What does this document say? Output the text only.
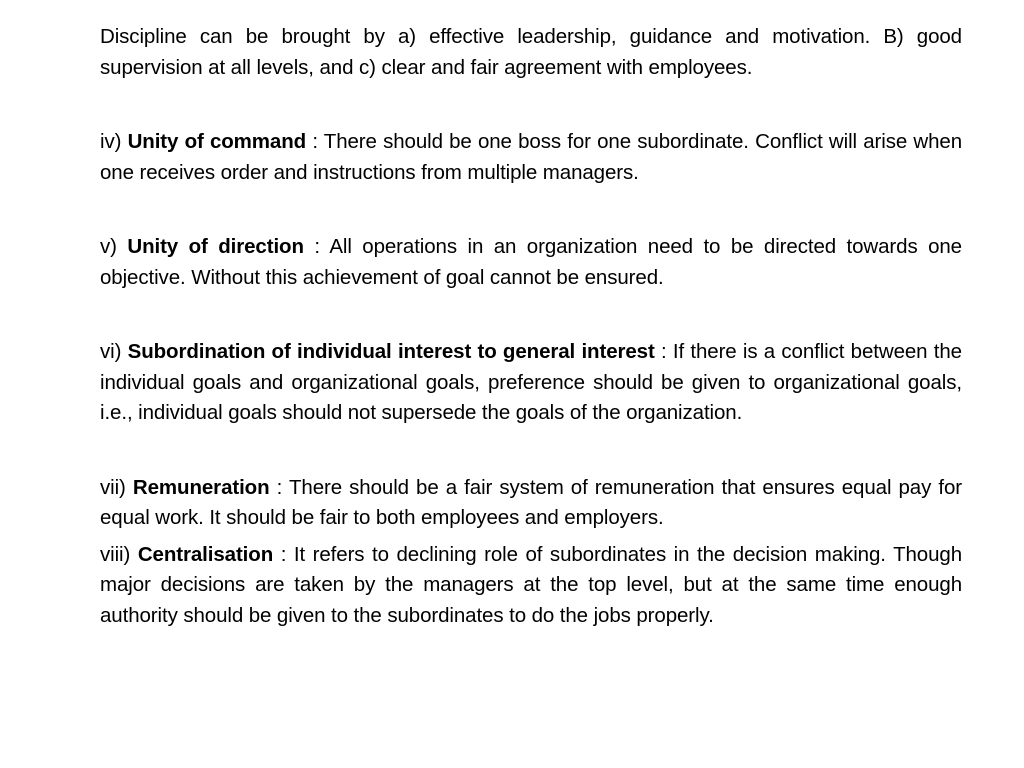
Discipline can be brought by a) effective leadership, guidance and motivation. B) good supervision at all levels, and c) clear and fair agreement with employees.

iv) Unity of command : There should be one boss for one subordinate. Conflict will arise when one receives order and instructions from multiple managers.

v) Unity of direction : All operations in an organization need to be directed towards one objective. Without this achievement of goal cannot be ensured.

vi) Subordination of individual interest to general interest : If there is a conflict between the individual goals and organizational goals, preference should be given to organizational goals, i.e., individual goals should not supersede the goals of the organization.

vii) Remuneration : There should be a fair system of remuneration that ensures equal pay for equal work. It should be fair to both employees and employers.

viii) Centralisation : It refers to declining role of subordinates in the decision making. Though major decisions are taken by the managers at the top level, but at the same time enough authority should be given to the subordinates to do the jobs properly.
